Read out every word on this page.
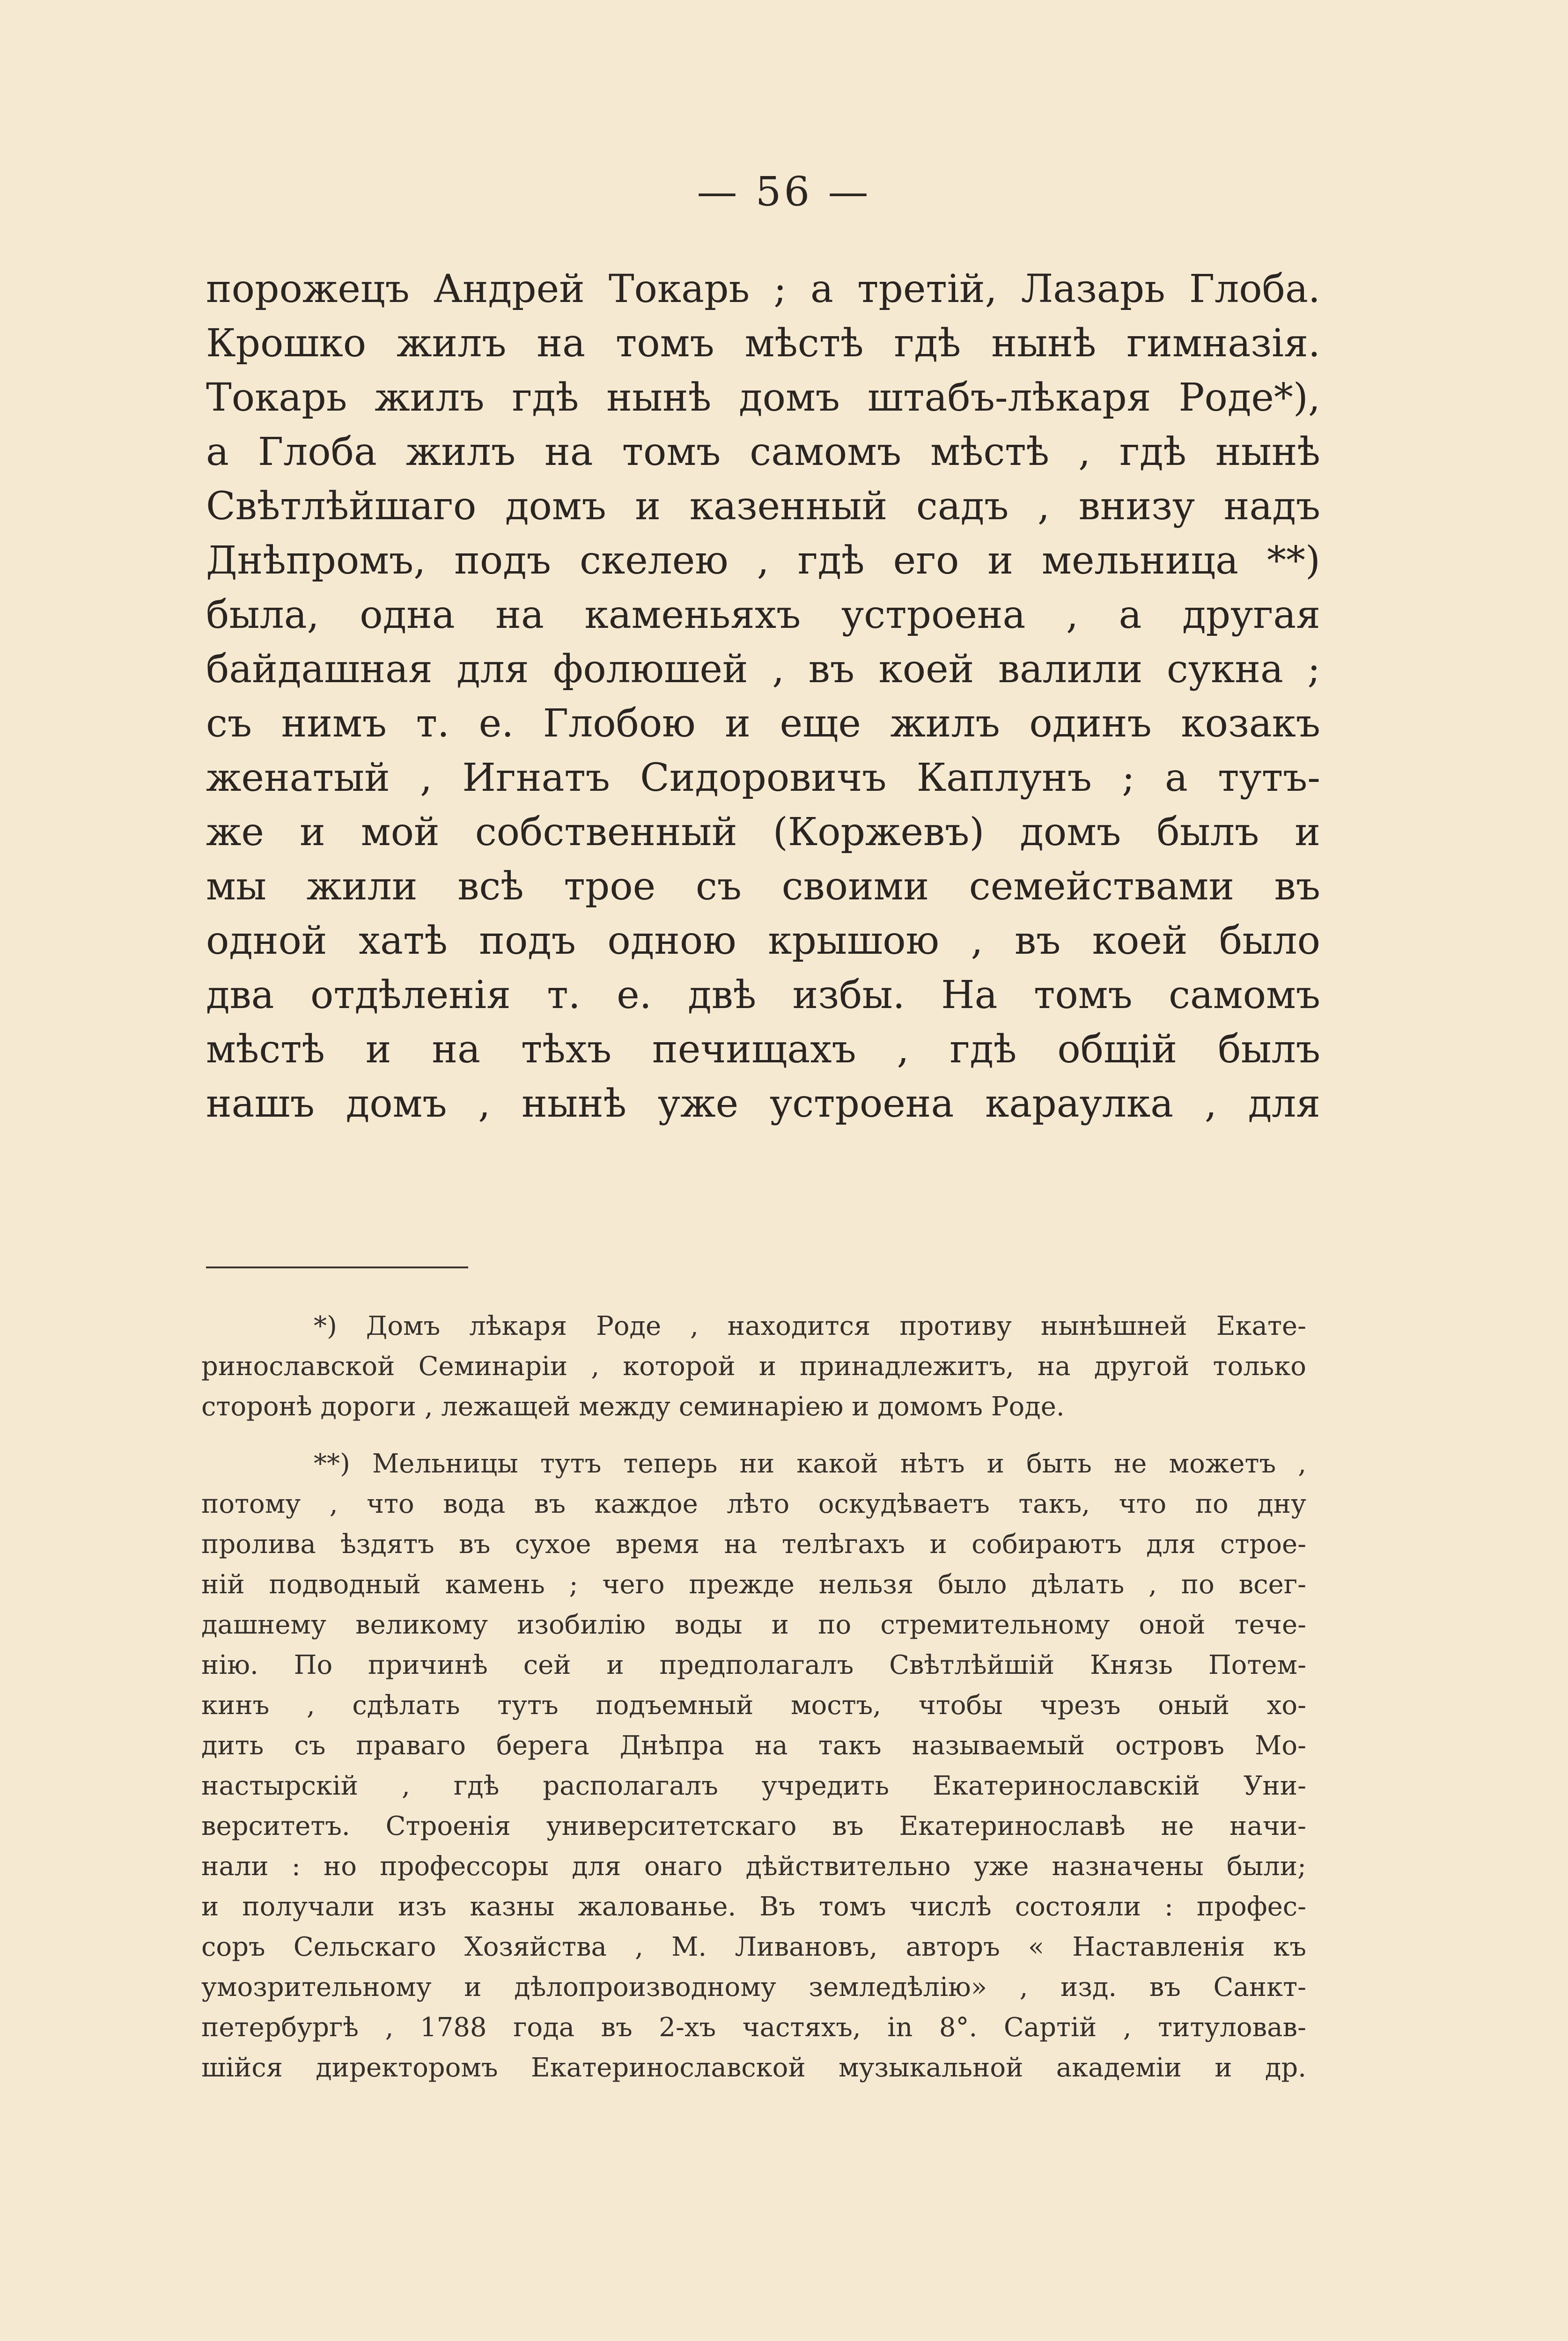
— 56 —
порожецъ Андрей Токарь ; а третій, Лазарь Глоба.
Крошко жилъ на томъ мѣстѣ гдѣ нынѣ гимназія.
Токарь жилъ гдѣ нынѣ домъ штабъ-лѣкаря Роде*),
а Глоба жилъ на томъ самомъ мѣстѣ , гдѣ нынѣ
Свѣтлѣйшаго домъ и казенный садъ , внизу надъ
Днѣпромъ, подъ скелею , гдѣ его и мельница **)
была, одна на каменьяхъ устроена , а другая
байдашная для фолюшей , въ коей валили сукна ;
съ нимъ т. е. Глобою и еще жилъ одинъ козакъ
женатый , Игнатъ Сидоровичъ Каплунъ ; а тутъ-
же и мой собственный (Коржевъ) домъ былъ и
мы жили всѣ трое съ своими семействами въ
одной хатѣ подъ одною крышою , въ коей было
два отдѣленія т. е. двѣ избы. На томъ самомъ
мѣстѣ и на тѣхъ печищахъ , гдѣ общій былъ
нашъ домъ , нынѣ уже устроена караулка , для
*) Домъ лѣкаря Роде , находится противу нынѣшней Екате-
ринославской Семинаріи , которой и принадлежитъ, на другой только
сторонѣ дороги , лежащей между семинаріею и домомъ Роде.
**) Мельницы тутъ теперь ни какой нѣтъ и быть не можетъ ,
потому , что вода въ каждое лѣто оскудѣваетъ такъ, что по дну
пролива ѣздятъ въ сухое время на телѣгахъ и собираютъ для строе-
ній подводный камень ; чего прежде нельзя было дѣлать , по всег-
дашнему великому изобилію воды и по стремительному оной тече-
нію. По причинѣ сей и предполагалъ Свѣтлѣйшій Князь Потем-
кинъ , сдѣлать тутъ подъемный мостъ, чтобы чрезъ оный хо-
дить съ праваго берега Днѣпра на такъ называемый островъ Мо-
настырскій , гдѣ располагалъ учредить Екатеринославскій Уни-
верситетъ. Строенія университетскаго въ Екатеринославѣ не начи-
нали : но профессоры для онаго дѣйствительно уже назначены были;
и получали изъ казны жалованье. Въ томъ числѣ состояли : профес-
соръ Сельскаго Хозяйства , М. Ливановъ, авторъ « Наставленія къ
умозрительному и дѣлопроизводному земледѣлію» , изд. въ Санкт-
петербургѣ , 1788 года въ 2-хъ частяхъ, in 8°. Сартій , титуловав-
шійся директоромъ Екатеринославской музыкальной академіи и др.
